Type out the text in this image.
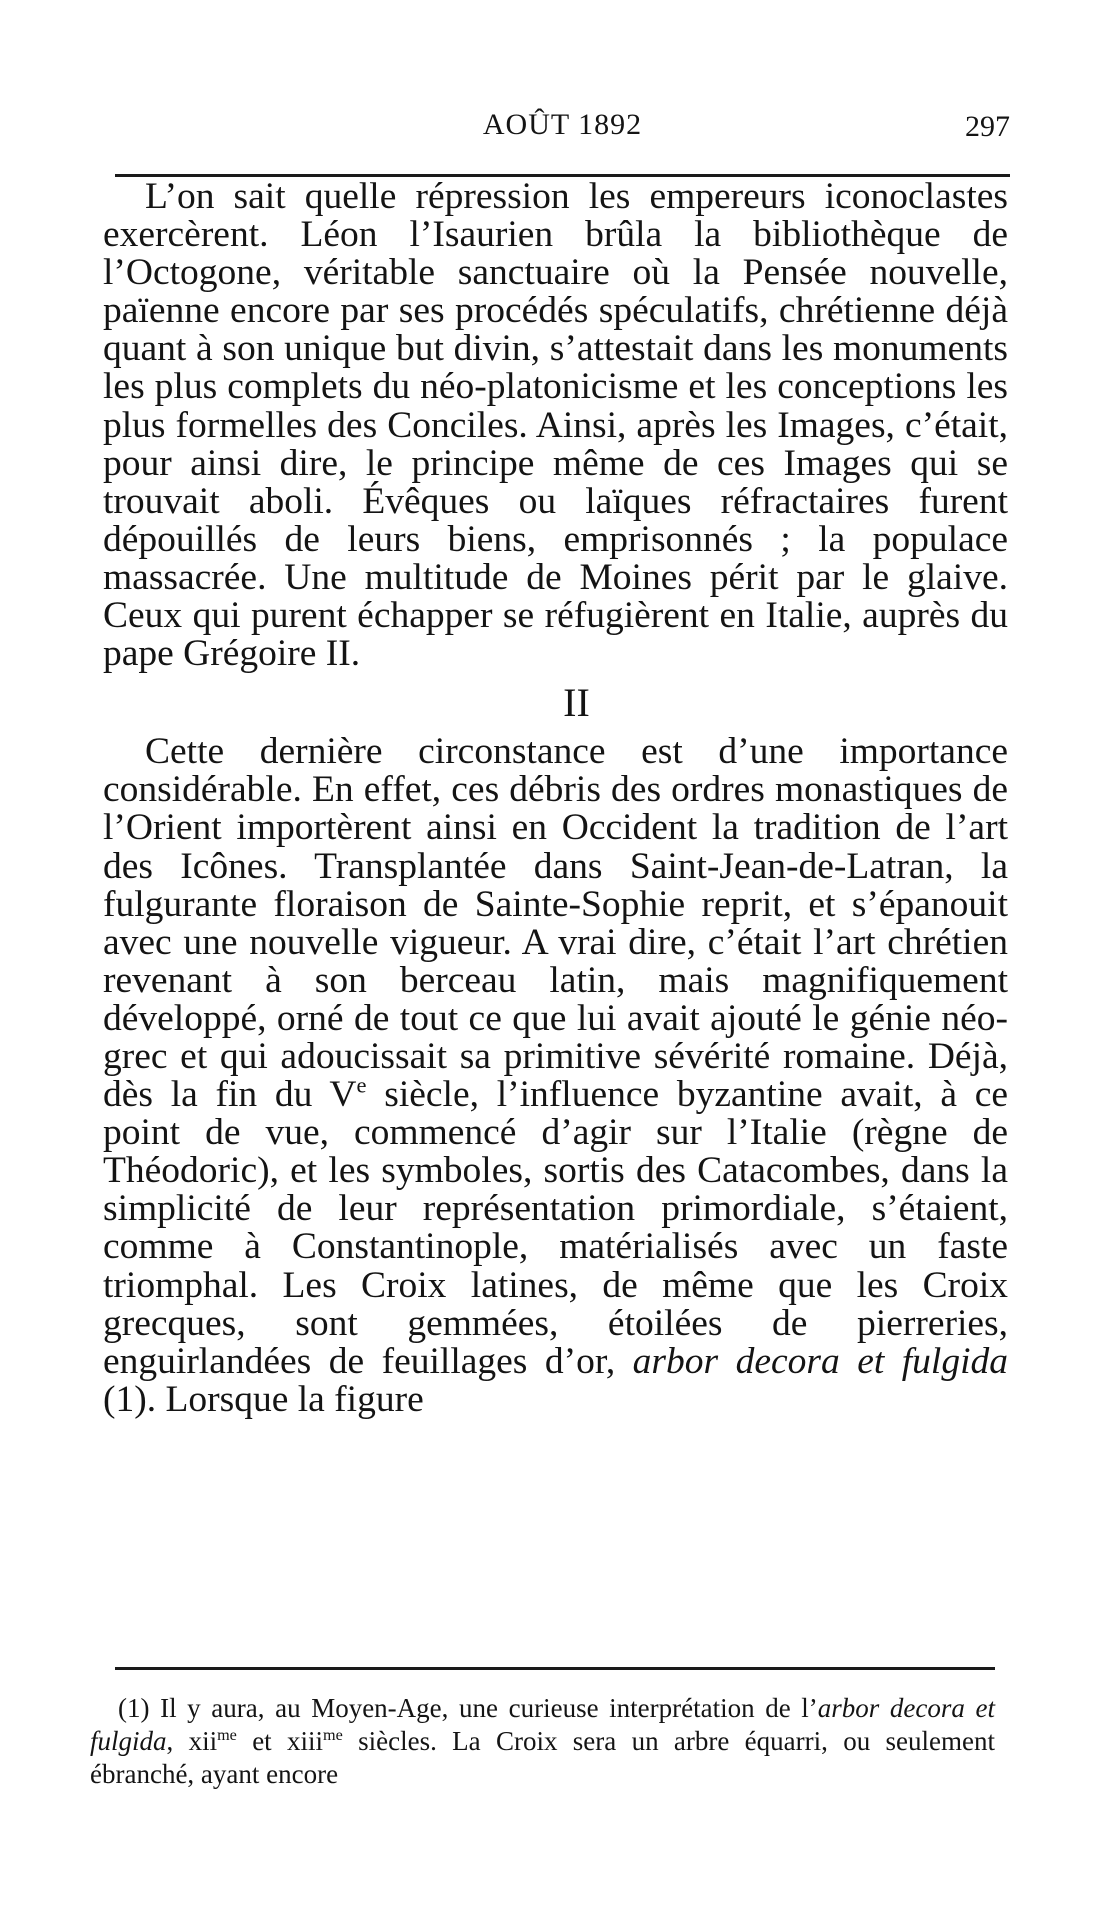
AOÛT 1892	297

L’on sait quelle répression les empereurs iconoclastes exercèrent. Léon l’Isaurien brûla la bibliothèque de l’Octogone, véritable sanctuaire où la Pensée nouvelle, païenne encore par ses procédés spéculatifs, chrétienne déjà quant à son unique but divin, s’attestait dans les monuments les plus complets du néo-platonicisme et les conceptions les plus formelles des Conciles. Ainsi, après les Images, c’était, pour ainsi dire, le principe même de ces Images qui se trouvait aboli. Évêques ou laïques réfractaires furent dépouillés de leurs biens, emprisonnés ; la populace massacrée. Une multitude de Moines périt par le glaive. Ceux qui purent échapper se réfugièrent en Italie, auprès du pape Grégoire II.

II

Cette dernière circonstance est d’une importance considérable. En effet, ces débris des ordres monastiques de l’Orient importèrent ainsi en Occident la tradition de l’art des Icônes. Transplantée dans Saint-Jean-de-Latran, la fulgurante floraison de Sainte-Sophie reprit, et s’épanouit avec une nouvelle vigueur. A vrai dire, c’était l’art chrétien revenant à son berceau latin, mais magnifiquement développé, orné de tout ce que lui avait ajouté le génie néo-grec et qui adoucissait sa primitive sévérité romaine. Déjà, dès la fin du Ve siècle, l’influence byzantine avait, à ce point de vue, commencé d’agir sur l’Italie (règne de Théodoric), et les symboles, sortis des Catacombes, dans la simplicité de leur représentation primordiale, s’étaient, comme à Constantinople, matérialisés avec un faste triomphal. Les Croix latines, de même que les Croix grecques, sont gemmées, étoilées de pierreries, enguirlandées de feuillages d’or, arbor decora et fulgida (1). Lorsque la figure

(1) Il y aura, au Moyen-Age, une curieuse interprétation de l’arbor decora et fulgida, xii$^{me}$ et xiii$^{me}$ siècles. La Croix sera un arbre équarri, ou seulement ébranché, ayant encore
